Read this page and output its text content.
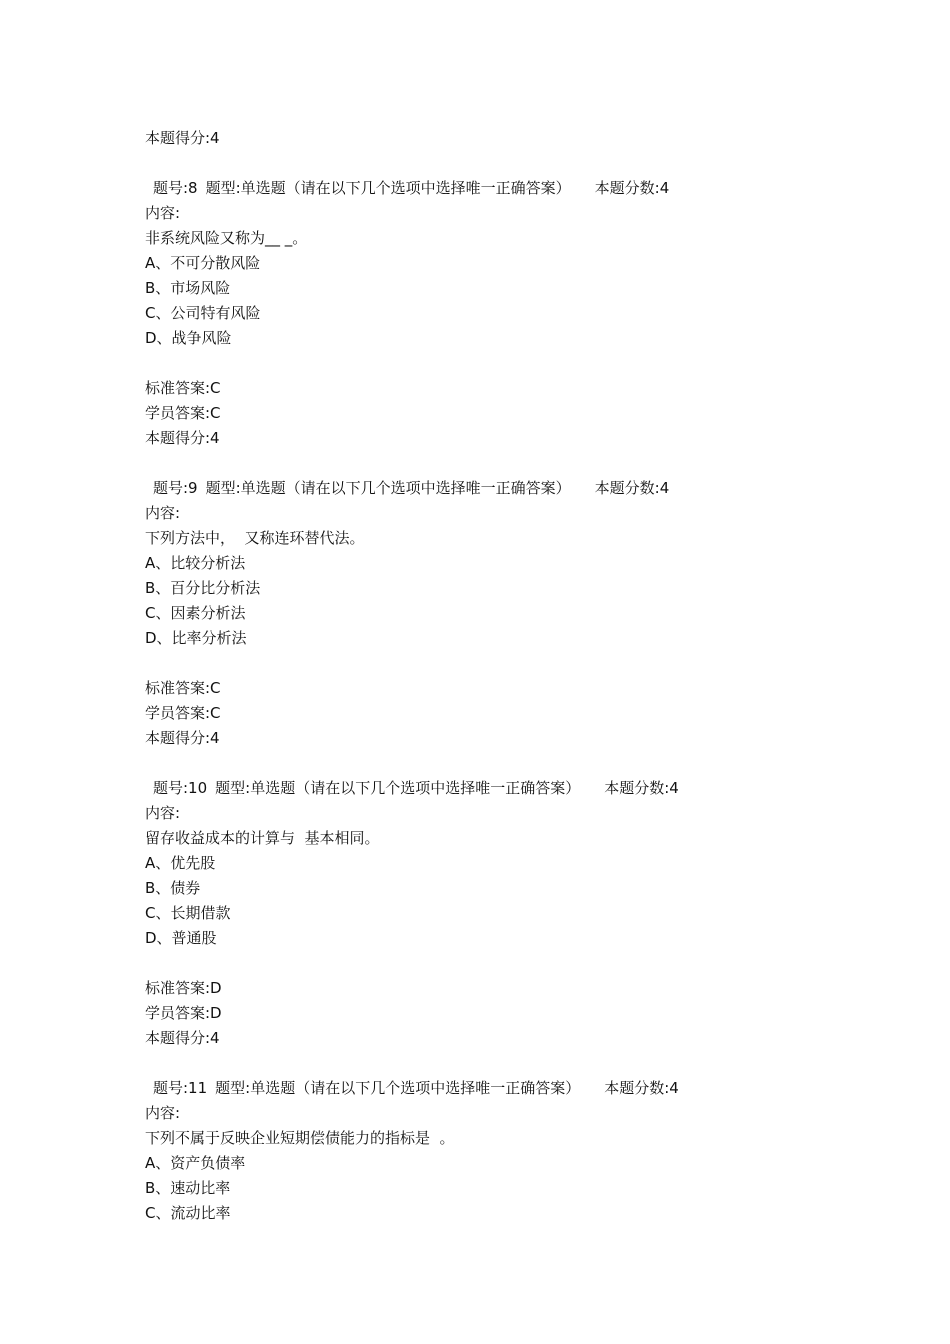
本题得分:4
题号:8 题型:单选题（请在以下几个选项中选择唯一正确答案） 本题分数:4
内容:
非系统风险又称为__ _。
A、不可分散风险
B、市场风险
C、公司特有风险
D、战争风险
标准答案:C
学员答案:C
本题得分:4
题号:9 题型:单选题（请在以下几个选项中选择唯一正确答案） 本题分数:4
内容:
下列方法中，  又称连环替代法。
A、比较分析法
B、百分比分析法
C、因素分析法
D、比率分析法
标准答案:C
学员答案:C
本题得分:4
题号:10 题型:单选题（请在以下几个选项中选择唯一正确答案） 本题分数:4
内容:
留存收益成本的计算与  基本相同。
A、优先股
B、债券
C、长期借款
D、普通股
标准答案:D
学员答案:D
本题得分:4
题号:11 题型:单选题（请在以下几个选项中选择唯一正确答案） 本题分数:4
内容:
下列不属于反映企业短期偿债能力的指标是  。
A、资产负债率
B、速动比率
C、流动比率
